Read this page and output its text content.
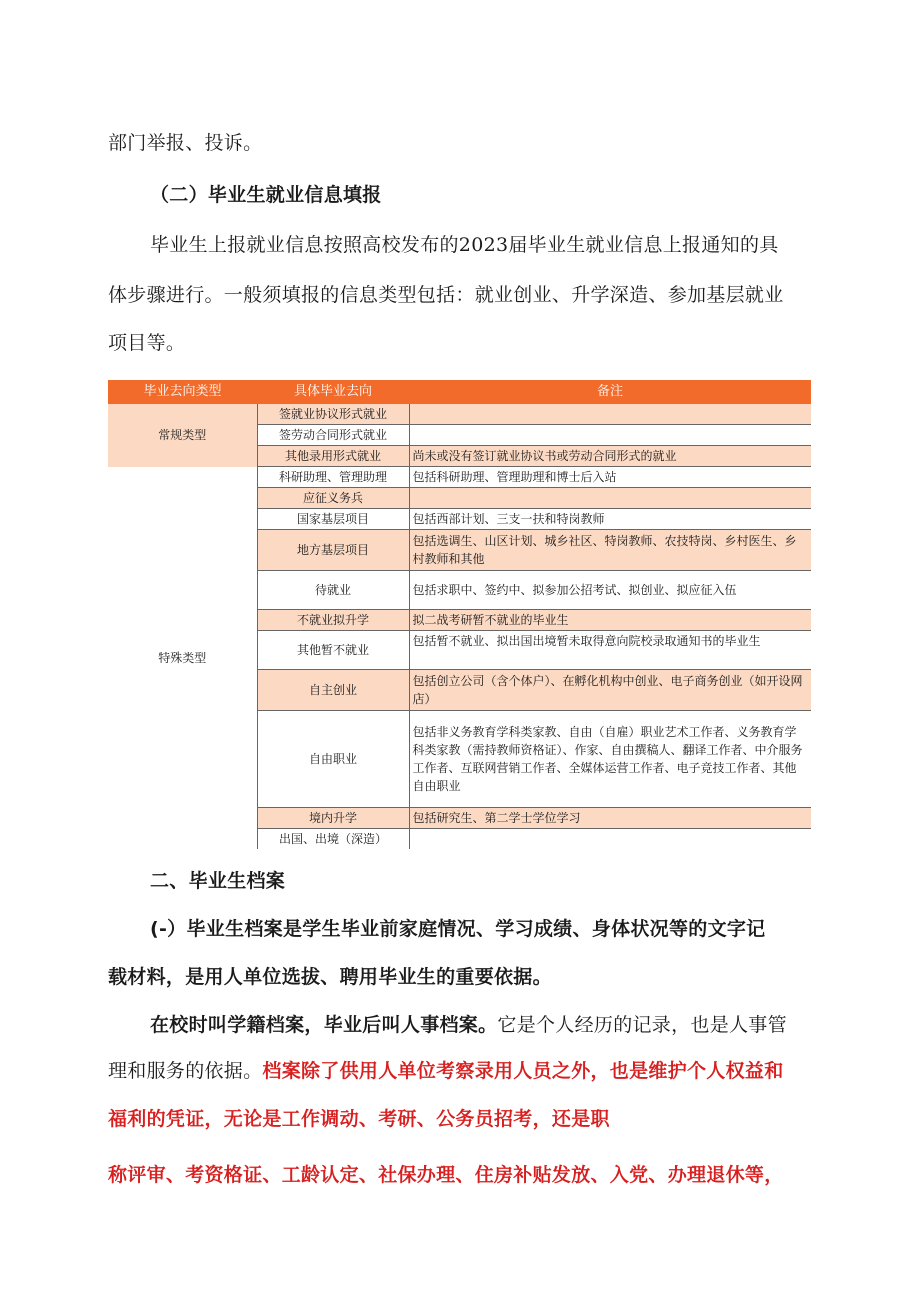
部门举报、投诉。
（二）毕业生就业信息填报
毕业生上报就业信息按照高校发布的2023届毕业生就业信息上报通知的具
体步骤进行。一般须填报的信息类型包括：就业创业、升学深造、参加基层就业
项目等。
毕业去向类型	具体毕业去向	备注
常规类型	签就业协议形式就业	
	签劳动合同形式就业	
	其他录用形式就业	尚未或没有签订就业协议书或劳动合同形式的就业
特殊类型	科研助理、管理助理	包括科研助理、管理助理和博士后入站
	应征义务兵	
	国家基层项目	包括西部计划、三支一扶和特岗教师
	地方基层项目	包括选调生、山区计划、城乡社区、特岗教师、农技特岗、乡村医生、乡村教师和其他
	待就业	包括求职中、签约中、拟参加公招考试、拟创业、拟应征入伍
	不就业拟升学	拟二战考研暂不就业的毕业生
	其他暂不就业	包括暂不就业、拟出国出境暂未取得意向院校录取通知书的毕业生
	自主创业	包括创立公司（含个体户）、在孵化机构中创业、电子商务创业（如开设网店）
	自由职业	包括非义务教育学科类家教、自由（自雇）职业艺术工作者、义务教育学科类家教（需持教师资格证）、作家、自由撰稿人、翻译工作者、中介服务工作者、互联网营销工作者、全媒体运营工作者、电子竞技工作者、其他自由职业
	境内升学	包括研究生、第二学士学位学习
	出国、出境（深造）	
二、毕业生档案
(-）毕业生档案是学生毕业前家庭情况、学习成绩、身体状况等的文字记
载材料，是用人单位选拔、聘用毕业生的重要依据。
在校时叫学籍档案，毕业后叫人事档案。它是个人经历的记录，也是人事管
理和服务的依据。档案除了供用人单位考察录用人员之外，也是维护个人权益和
福利的凭证，无论是工作调动、考研、公务员招考，还是职
称评审、考资格证、工龄认定、社保办理、住房补贴发放、入党、办理退休等，
